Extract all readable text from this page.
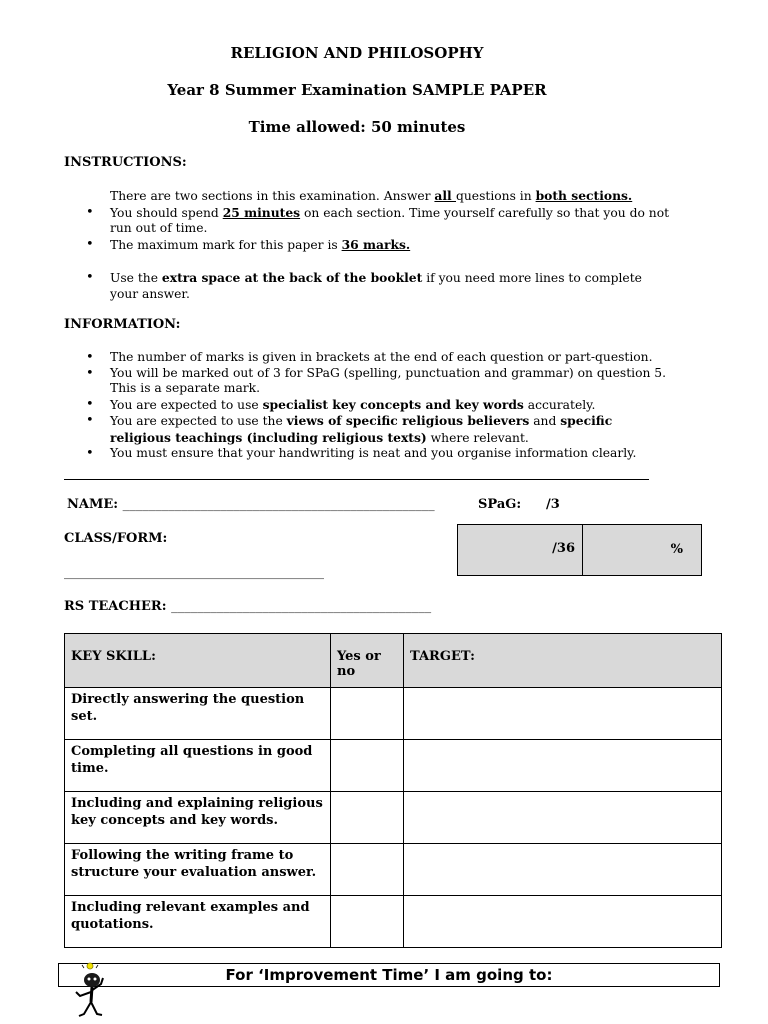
RELIGION AND PHILOSOPHY
Year 8 Summer Examination SAMPLE PAPER
Time allowed: 50 minutes
INSTRUCTIONS:
There are two sections in this examination. Answer all questions in both sections.
• You should spend 25 minutes on each section. Time yourself carefully so that you do not run out of time.
• The maximum mark for this paper is 36 marks.
• Use the extra space at the back of the booklet if you need more lines to complete your answer.
INFORMATION:
• The number of marks is given in brackets at the end of each question or part-question.
• You will be marked out of 3 for SPaG (spelling, punctuation and grammar) on question 5. This is a separate mark.
• You are expected to use specialist key concepts and key words accurately.
• You are expected to use the views of specific religious believers and specific religious teachings (including religious texts) where relevant.
• You must ensure that your handwriting is neat and you organise information clearly.
NAME: ________________________________________________	SPaG: /3
CLASS/FORM:
________________________________________
/36	%
RS TEACHER: ________________________________________
KEY SKILL:	Yes or no	TARGET:
Directly answering the question set.		
Completing all questions in good time.		
Including and explaining religious key concepts and key words.		
Following the writing frame to structure your evaluation answer.		
Including relevant examples and quotations.		
For ‘Improvement Time’ I am going to:
